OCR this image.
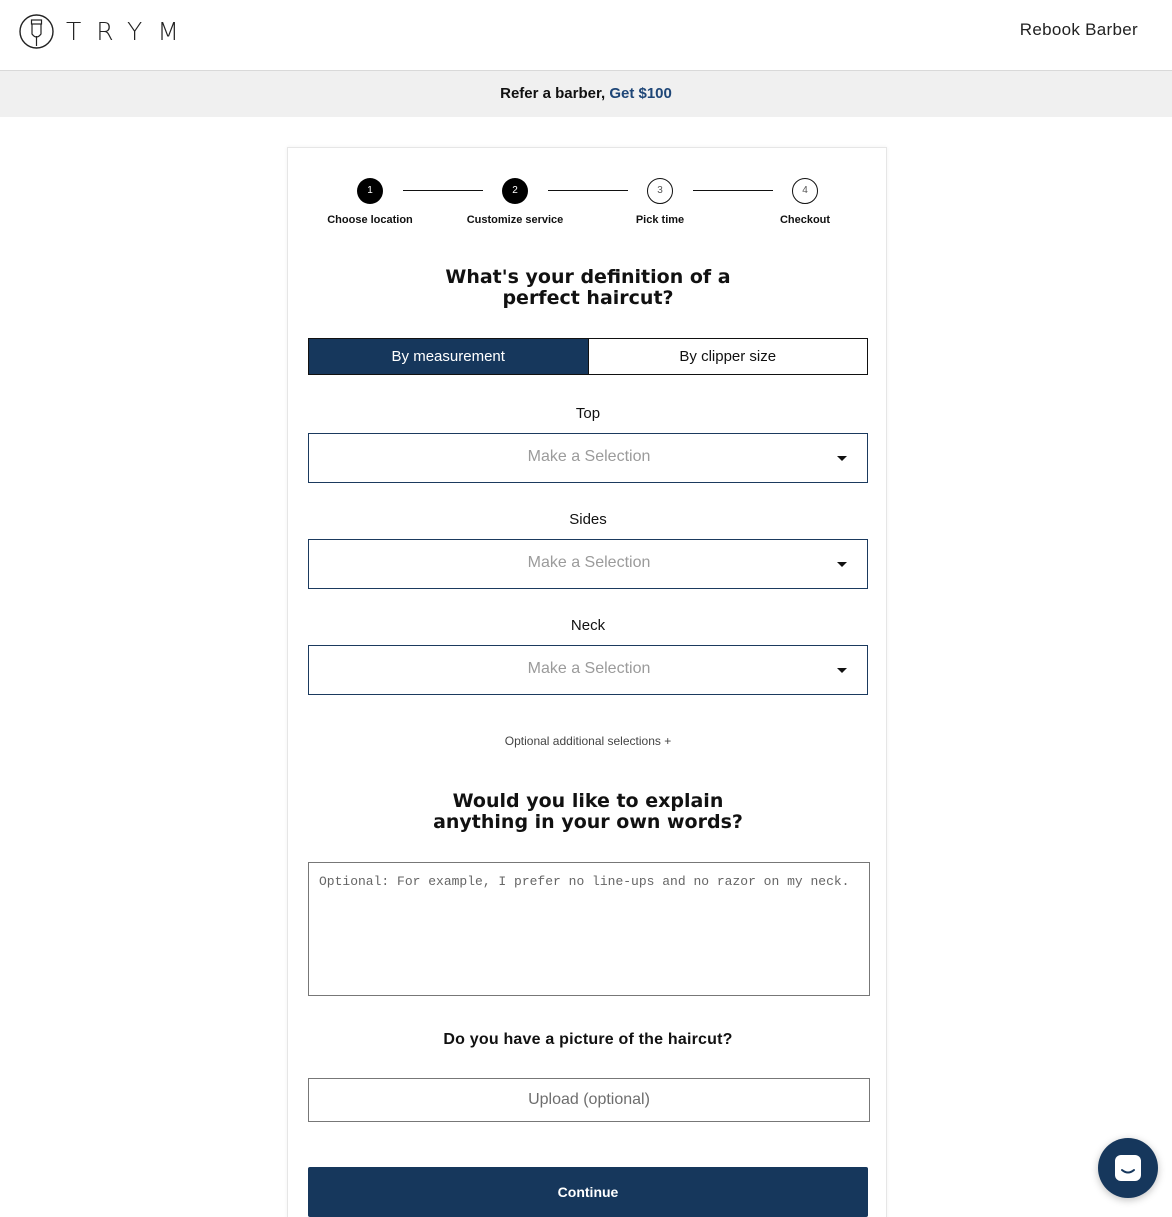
TRYM	Rebook Barber
Refer a barber, Get $100
1	2	3	4
Choose location	Customize service	Pick time	Checkout
What's your definition of a
perfect haircut?
By measurement	By clipper size
Top
Make a Selection
Sides
Make a Selection
Neck
Make a Selection
Optional additional selections +
Would you like to explain
anything in your own words?
Optional: For example, I prefer no line-ups and no razor on my neck.
Do you have a picture of the haircut?
Upload (optional)
Continue
